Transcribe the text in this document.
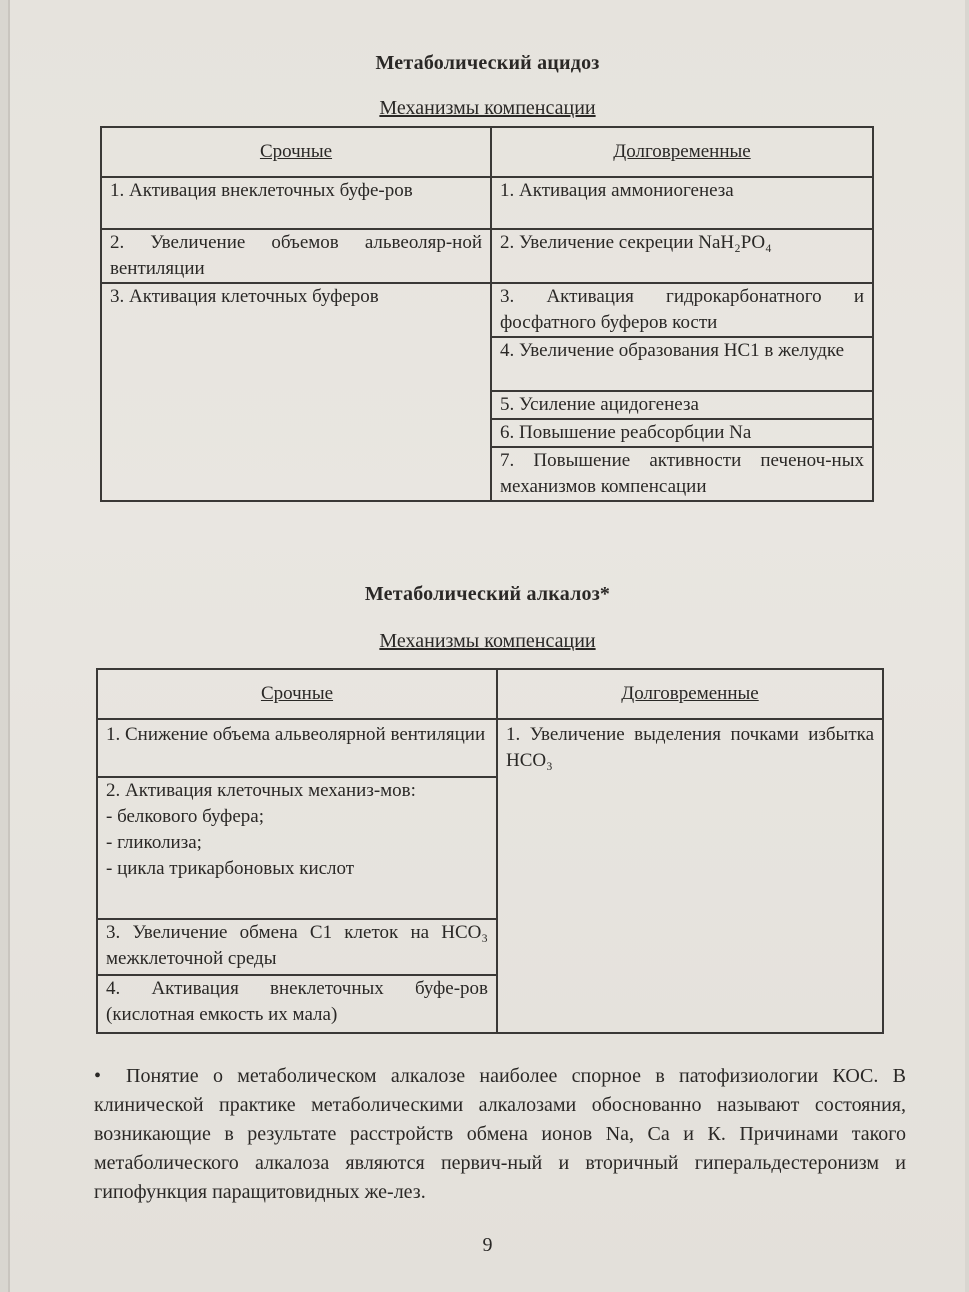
Метаболический ацидоз
Механизмы компенсации
Срочные	Долговременные
1. Активация внеклеточных буфе-ров	1. Активация аммониогенеза
2. Увеличение объемов альвеоляр-ной вентиляции	2. Увеличение секреции NaH₂PO₄
3. Активация клеточных буферов	3. Активация гидрокарбонатного и фосфатного буферов кости
	4. Увеличение образования HC1 в желудке
	5. Усиление ацидогенеза
	6. Повышение реабсорбции Na
	7. Повышение активности печеноч-ных механизмов компенсации
Метаболический алкалоз*
Механизмы компенсации
Срочные	Долговременные
1. Снижение объема альвеолярной вентиляции	1. Увеличение выделения почками избытка HCO₃

2. Активация клеточных механиз-мов:
- белкового буфера;
- гликолиза;
- цикла трикарбоновых кислот	

3. Увеличение обмена C1 клеток на HCO₃ межклеточной среды	
4. Активация внеклеточных буфе-ров (кислотная емкость их мала)	
• Понятие о метаболическом алкалозе наиболее спорное в патофизиологии КОС. В клинической практике метаболическими алкалозами обоснованно называют состояния, возникающие в результате расстройств обмена ионов Na, Ca и К. Причинами такого метаболического алкалоза являются первич-ный и вторичный гиперальдестеронизм и гипофункция паращитовидных же-лез.
9
